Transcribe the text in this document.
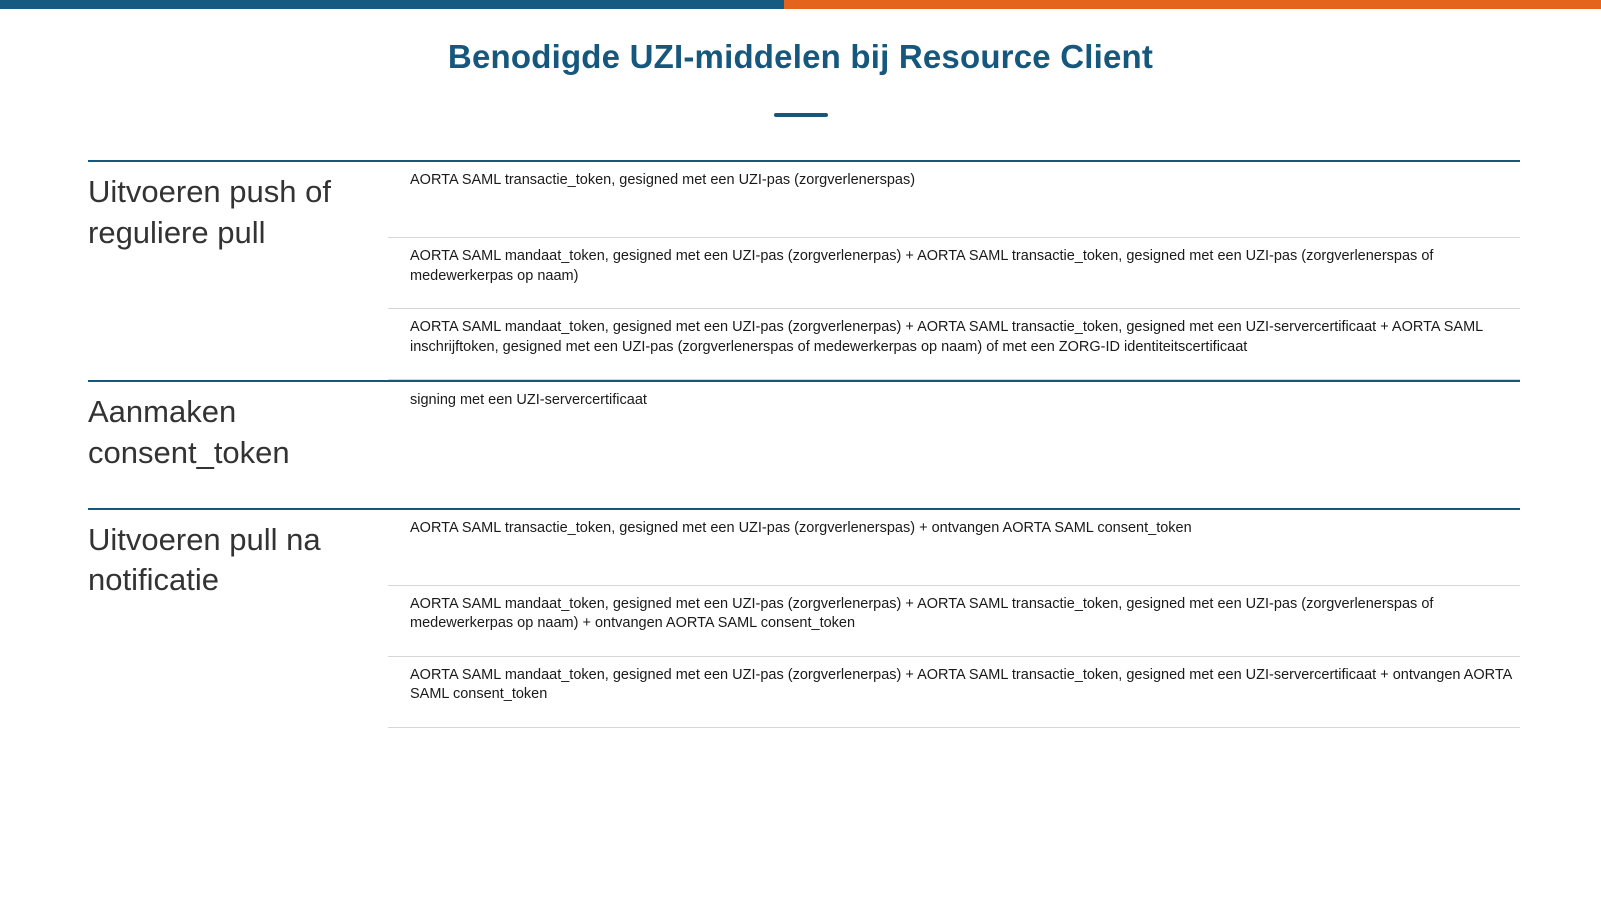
Benodigde UZI-middelen bij Resource Client
Uitvoeren push of reguliere pull
AORTA SAML transactie_token, gesigned met een UZI-pas (zorgverlenerspas)
AORTA SAML mandaat_token, gesigned met een UZI-pas (zorgverlenerpas) + AORTA SAML transactie_token, gesigned met een UZI-pas (zorgverlenerspas of medewerkerpas op naam)
AORTA SAML mandaat_token, gesigned met een UZI-pas (zorgverlenerpas) + AORTA SAML transactie_token, gesigned met een UZI-servercertificaat + AORTA SAML inschrijftoken, gesigned met een UZI-pas (zorgverlenerspas of medewerkerpas op naam) of met een ZORG-ID identiteitscertificaat
Aanmaken consent_token
signing met een UZI-servercertificaat
Uitvoeren pull na notificatie
AORTA SAML transactie_token, gesigned met een UZI-pas (zorgverlenerspas) + ontvangen AORTA SAML consent_token
AORTA SAML mandaat_token, gesigned met een UZI-pas (zorgverlenerpas) + AORTA SAML transactie_token, gesigned met een UZI-pas (zorgverlenerspas of medewerkerpas op naam) + ontvangen AORTA SAML consent_token
AORTA SAML mandaat_token, gesigned met een UZI-pas (zorgverlenerpas) + AORTA SAML transactie_token, gesigned met een UZI-servercertificaat + ontvangen AORTA SAML consent_token
